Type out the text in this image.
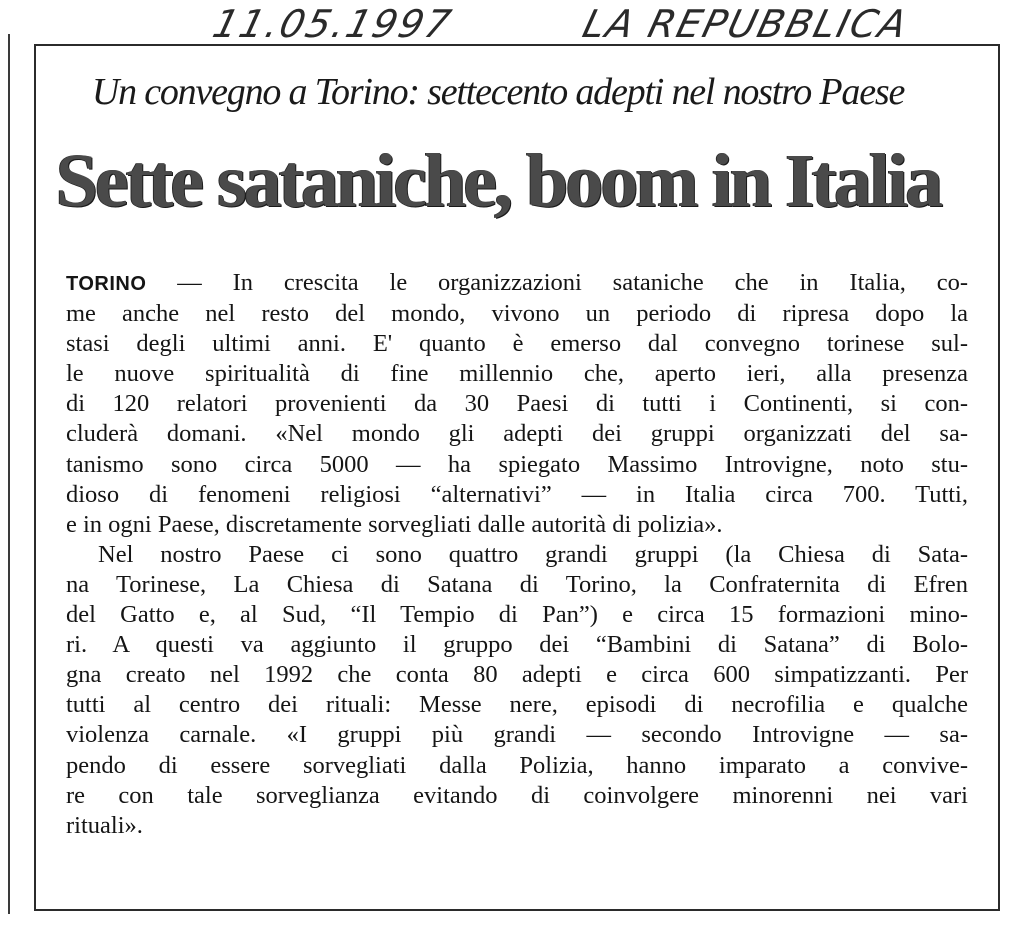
11.05.1997	LA REPUBBLICA
Un convegno a Torino: settecento adepti nel nostro Paese
Sette sataniche, boom in Italia

TORINO — In crescita le organizzazioni sataniche che in Italia, co-
me anche nel resto del mondo, vivono un periodo di ripresa dopo la
stasi degli ultimi anni. E' quanto è emerso dal convegno torinese sul-
le nuove spiritualità di fine millennio che, aperto ieri, alla presenza
di 120 relatori provenienti da 30 Paesi di tutti i Continenti, si con-
cluderà domani. «Nel mondo gli adepti dei gruppi organizzati del sa-
tanismo sono circa 5000 — ha spiegato Massimo Introvigne, noto stu-
dioso di fenomeni religiosi “alternativi” — in Italia circa 700. Tutti,
e in ogni Paese, discretamente sorvegliati dalle autorità di polizia».

Nel nostro Paese ci sono quattro grandi gruppi (la Chiesa di Sata-
na Torinese, La Chiesa di Satana di Torino, la Confraternita di Efren
del Gatto e, al Sud, “Il Tempio di Pan”) e circa 15 formazioni mino-
ri. A questi va aggiunto il gruppo dei “Bambini di Satana” di Bolo-
gna creato nel 1992 che conta 80 adepti e circa 600 simpatizzanti. Per
tutti al centro dei rituali: Messe nere, episodi di necrofilia e qualche
violenza carnale. «I gruppi più grandi — secondo Introvigne — sa-
pendo di essere sorvegliati dalla Polizia, hanno imparato a convive-
re con tale sorveglianza evitando di coinvolgere minorenni nei vari
rituali».
